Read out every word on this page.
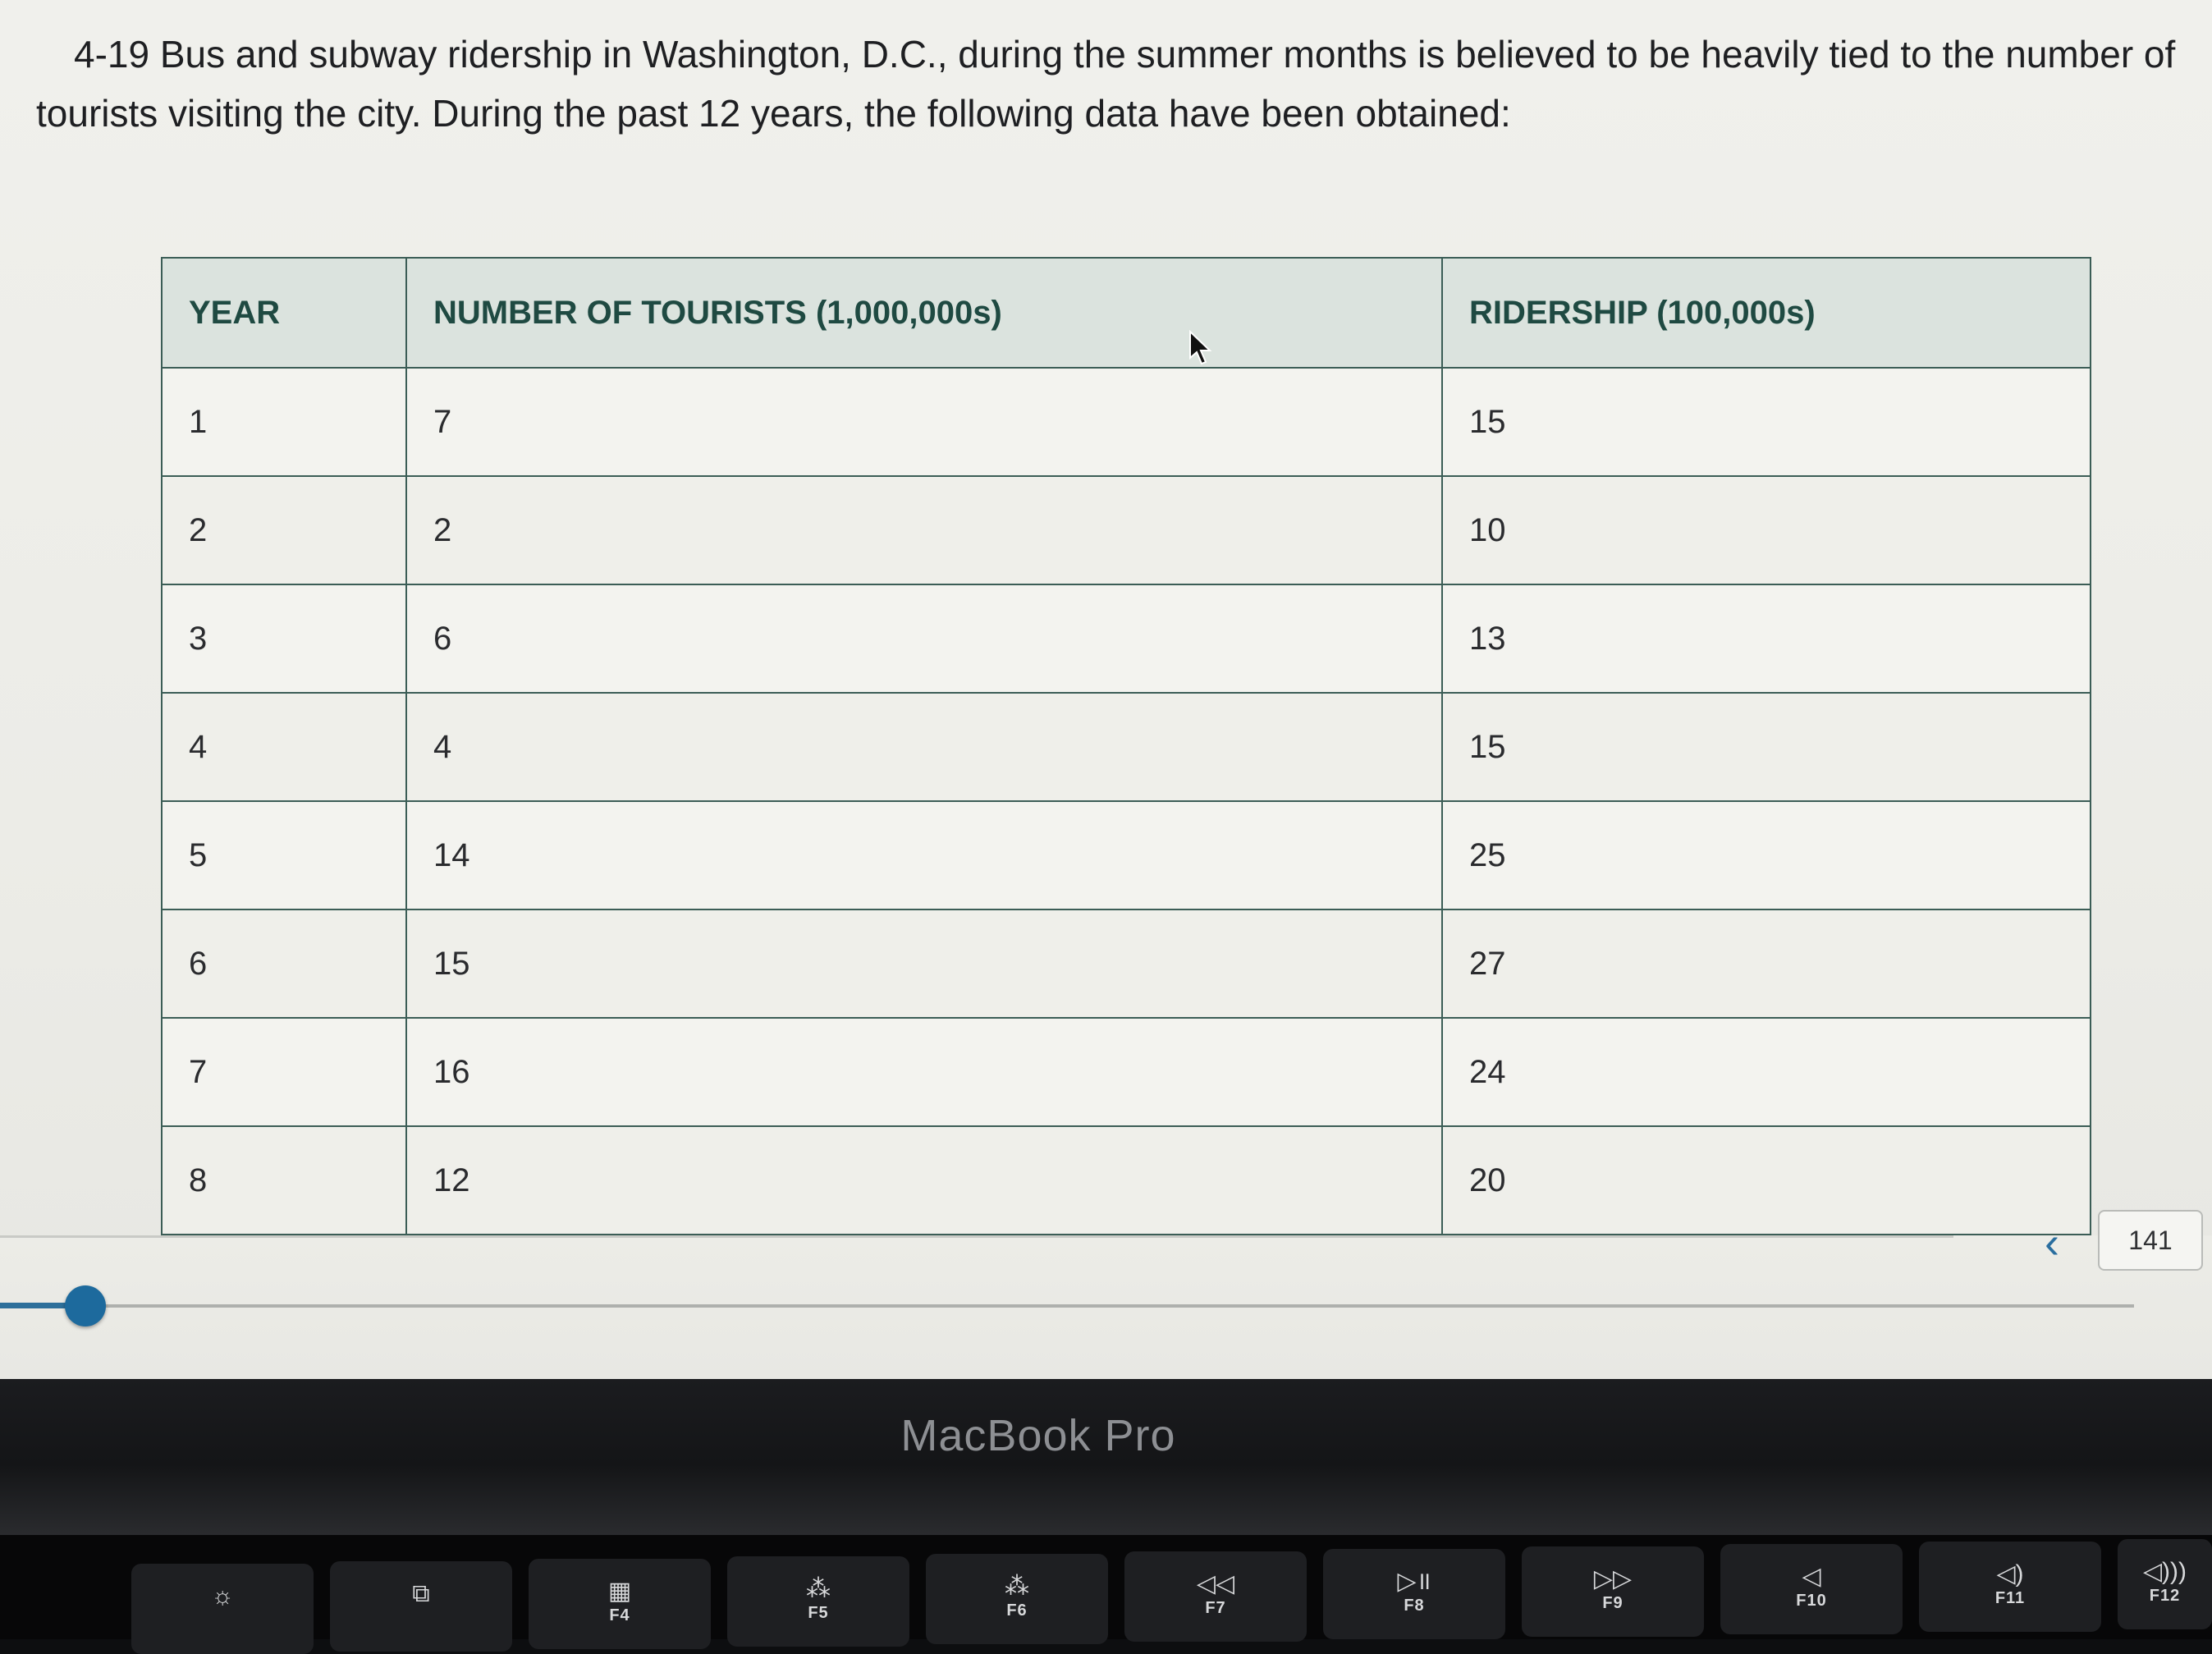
4-19 Bus and subway ridership in Washington, D.C., during the summer months is believed to be heavily tied to the number of
tourists visiting the city. During the past 12 years, the following data have been obtained:
YEAR	NUMBER OF TOURISTS (1,000,000s)	RIDERSHIP (100,000s)
1	7	15
2	2	10
3	6	13
4	4	15
5	14	25
6	15	27
7	16	24
8	12	20
‹	141
MacBook Pro
☼	⧉	▦
F4
⁂
F5
⁂
F6
◁◁
F7
▷॥
F8
▷▷
F9
◁
F10
◁)
F11
◁)))
F12
